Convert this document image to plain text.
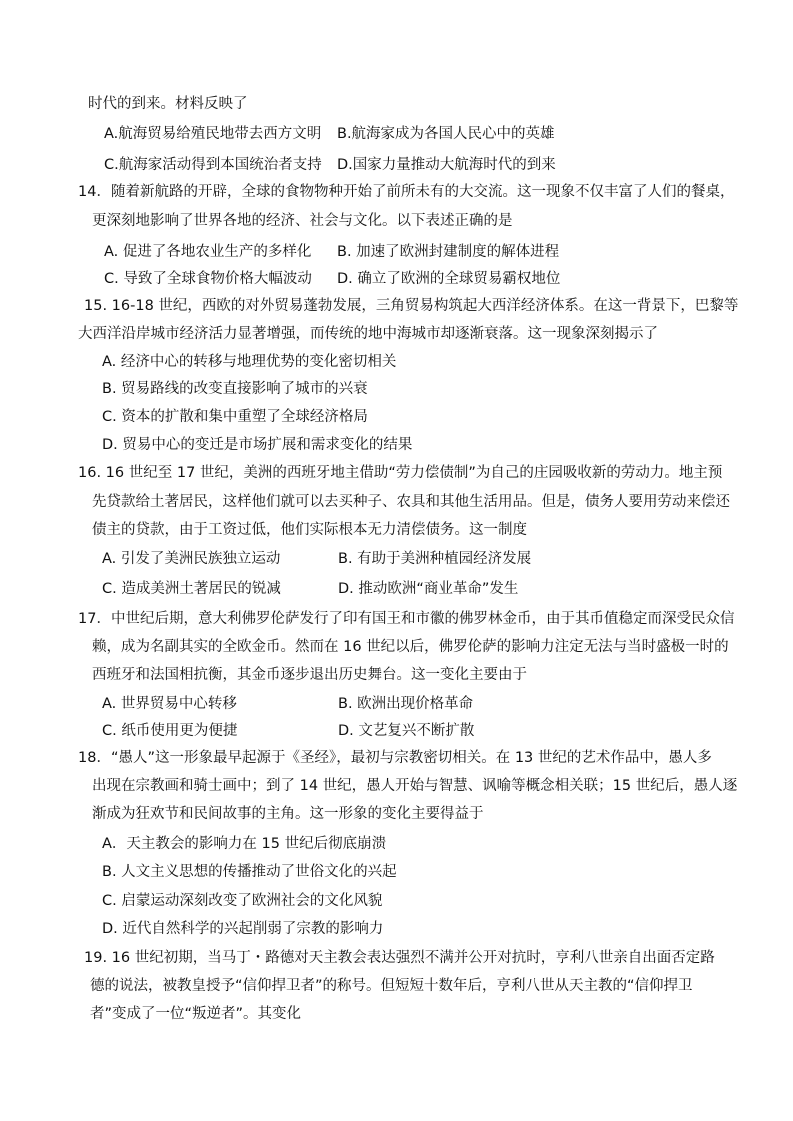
时代的到来。材料反映了
A.航海贸易给殖民地带去西方文明 B.航海家成为各国人民心中的英雄
C.航海家活动得到本国统治者支持 D.国家力量推动大航海时代的到来
14．随着新航路的开辟，全球的食物物种开始了前所未有的大交流。这一现象不仅丰富了人们的餐桌，
更深刻地影响了世界各地的经济、社会与文化。以下表述正确的是
A. 促进了各地农业生产的多样化 B. 加速了欧洲封建制度的解体进程
C. 导致了全球食物价格大幅波动 D. 确立了欧洲的全球贸易霸权地位
15. 16-18 世纪，西欧的对外贸易蓬勃发展，三角贸易构筑起大西洋经济体系。在这一背景下，巴黎等
大西洋沿岸城市经济活力显著增强，而传统的地中海城市却逐渐衰落。这一现象深刻揭示了
A. 经济中心的转移与地理优势的变化密切相关
B. 贸易路线的改变直接影响了城市的兴衰
C. 资本的扩散和集中重塑了全球经济格局
D. 贸易中心的变迁是市场扩展和需求变化的结果
16. 16 世纪至 17 世纪，美洲的西班牙地主借助“劳力偿债制”为自己的庄园吸收新的劳动力。地主预
先贷款给土著居民，这样他们就可以去买种子、农具和其他生活用品。但是，债务人要用劳动来偿还
债主的贷款，由于工资过低，他们实际根本无力清偿债务。这一制度
A. 引发了美洲民族独立运动	B. 有助于美洲种植园经济发展
C. 造成美洲土著居民的锐减	D. 推动欧洲“商业革命”发生
17．中世纪后期，意大利佛罗伦萨发行了印有国王和市徽的佛罗林金币，由于其币值稳定而深受民众信
赖，成为名副其实的全欧金币。然而在 16 世纪以后，佛罗伦萨的影响力注定无法与当时盛极一时的
西班牙和法国相抗衡，其金币逐步退出历史舞台。这一变化主要由于
A. 世界贸易中心转移	B. 欧洲出现价格革命
C. 纸币使用更为便捷	D. 文艺复兴不断扩散
18．“愚人”这一形象最早起源于《圣经》，最初与宗教密切相关。在 13 世纪的艺术作品中，愚人多
出现在宗教画和骑士画中；到了 14 世纪，愚人开始与智慧、讽喻等概念相关联；15 世纪后，愚人逐
渐成为狂欢节和民间故事的主角。这一形象的变化主要得益于
A．天主教会的影响力在 15 世纪后彻底崩溃
B. 人文主义思想的传播推动了世俗文化的兴起
C. 启蒙运动深刻改变了欧洲社会的文化风貌
D. 近代自然科学的兴起削弱了宗教的影响力
19. 16 世纪初期，当马丁・路德对天主教会表达强烈不满并公开对抗时，亨利八世亲自出面否定路
德的说法，被教皇授予“信仰捍卫者”的称号。但短短十数年后，亨利八世从天主教的“信仰捍卫
者”变成了一位“叛逆者”。其变化
